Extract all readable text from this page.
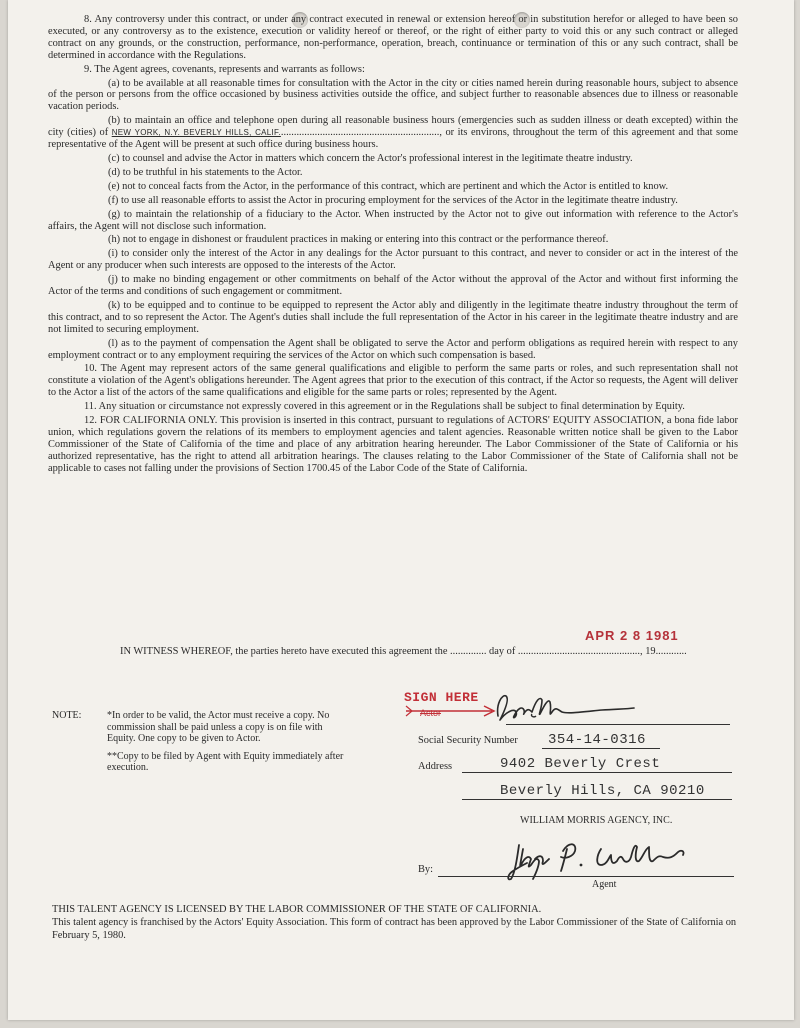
8. Any controversy under this contract, or under any contract executed in renewal or extension hereof or in substitution herefor or alleged to have been so executed, or any controversy as to the existence, execution or validity hereof or thereof, or the right of either party to void this or any such contract or alleged contract on any grounds, or the construction, performance, non-performance, operation, breach, continuance or termination of this or any such contract, shall be determined in accordance with the Regulations.

9. The Agent agrees, covenants, represents and warrants as follows:

(a) to be available at all reasonable times for consultation with the Actor in the city or cities named herein during reasonable hours, subject to absence of the person or persons from the office occasioned by business activities outside the office, and subject further to reasonable absences due to illness or reasonable vacation periods.

(b) to maintain an office and telephone open during all reasonable business hours (emergencies such as sudden illness or death excepted) within the city (cities) of NEW YORK, N.Y. BEVERLY HILLS, CALIF.............................................................., or its environs, throughout the term of this agreement and that some representative of the Agent will be present at such office during business hours.

(c) to counsel and advise the Actor in matters which concern the Actor's professional interest in the legitimate theatre industry.

(d) to be truthful in his statements to the Actor.

(e) not to conceal facts from the Actor, in the performance of this contract, which are pertinent and which the Actor is entitled to know.

(f) to use all reasonable efforts to assist the Actor in procuring employment for the services of the Actor in the legitimate theatre industry.

(g) to maintain the relationship of a fiduciary to the Actor. When instructed by the Actor not to give out information with reference to the Actor's affairs, the Agent will not disclose such information.

(h) not to engage in dishonest or fraudulent practices in making or entering into this contract or the performance thereof.

(i) to consider only the interest of the Actor in any dealings for the Actor pursuant to this contract, and never to consider or act in the interest of the Agent or any producer when such interests are opposed to the interests of the Actor.

(j) to make no binding engagement or other commitments on behalf of the Actor without the approval of the Actor and without first informing the Actor of the terms and conditions of such engagement or commitment.

(k) to be equipped and to continue to be equipped to represent the Actor ably and diligently in the legitimate theatre industry throughout the term of this contract, and to so represent the Actor. The Agent's duties shall include the full representation of the Actor in his career in the legitimate theatre industry and are not limited to securing employment.

(l) as to the payment of compensation the Agent shall be obligated to serve the Actor and perform obligations as required herein with respect to any employment contract or to any employment requiring the services of the Actor on which such compensation is based.

10. The Agent may represent actors of the same general qualifications and eligible to perform the same parts or roles, and such representation shall not constitute a violation of the Agent's obligations hereunder. The Agent agrees that prior to the execution of this contract, if the Actor so requests, the Agent will deliver to the Actor a list of the actors of the same qualifications and eligible for the same parts or roles; represented by the Agent.

11. Any situation or circumstance not expressly covered in this agreement or in the Regulations shall be subject to final determination by Equity.

12. FOR CALIFORNIA ONLY. This provision is inserted in this contract, pursuant to regulations of ACTORS' EQUITY ASSOCIATION, a bona fide labor union, which regulations govern the relations of its members to employment agencies and talent agencies. Reasonable written notice shall be given to the Labor Commissioner of the State of California of the time and place of any arbitration hearing hereunder. The Labor Commissioner of the State of California or his authorized representative, has the right to attend all arbitration hearings. The clauses relating to the Labor Commissioner of the State of California shall not be applicable to cases not falling under the provisions of Section 1700.45 of the Labor Code of the State of California.

APR 2 8 1981
IN WITNESS WHEREOF, the parties hereto have executed this agreement the .............. day of ..............................................., 19............
NOTE:	*In order to be valid, the Actor must receive a copy. No commission shall be paid unless a copy is on file with Equity. One copy to be given to Actor.

**Copy to be filed by Agent with Equity immediately after execution.

SIGN HERE
Actor
Social Security Number 354-14-0316
Address	9402 Beverly Crest
Beverly Hills, CA 90210
WILLIAM MORRIS AGENCY, INC.
By:
Agent

THIS TALENT AGENCY IS LICENSED BY THE LABOR COMMISSIONER OF THE STATE OF CALIFORNIA.

This talent agency is franchised by the Actors' Equity Association. This form of contract has been approved by the Labor Commissioner of the State of California on February 5, 1980.
